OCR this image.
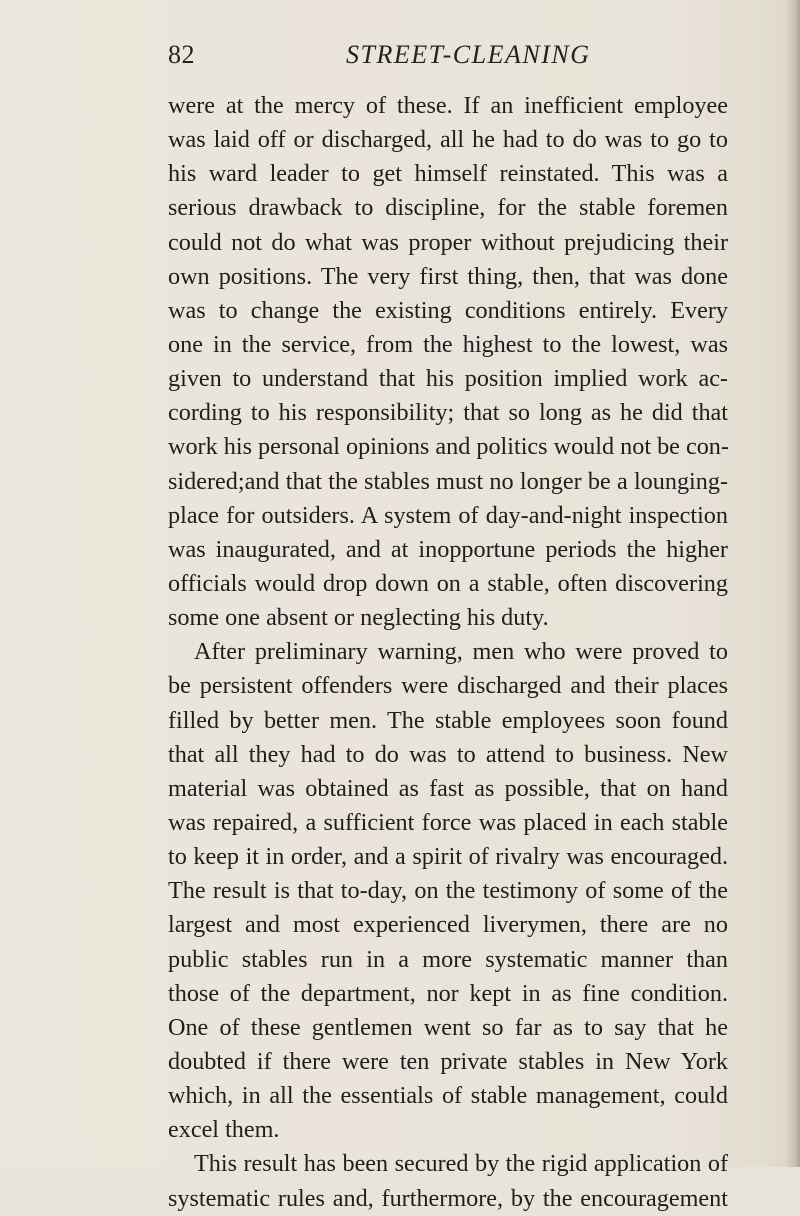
82	STREET-CLEANING
were at the mercy of these. If an inefficient employee
was laid off or discharged, all he had to do was to go to
his ward leader to get himself reinstated. This was a
serious drawback to discipline, for the stable foremen
could not do what was proper without prejudicing their
own positions. The very first thing, then, that was done
was to change the existing conditions entirely. Every
one in the service, from the highest to the lowest, was
given to understand that his position implied work ac-
cording to his responsibility; that so long as he did that
work his personal opinions and politics would not be con-
sidered;and that the stables must no longer be a lounging-
place for outsiders. A system of day-and-night inspection
was inaugurated, and at inopportune periods the higher
officials would drop down on a stable, often discovering
some one absent or neglecting his duty.
After preliminary warning, men who were proved to
be persistent offenders were discharged and their places
filled by better men. The stable employees soon found
that all they had to do was to attend to business. New
material was obtained as fast as possible, that on hand
was repaired, a sufficient force was placed in each stable
to keep it in order, and a spirit of rivalry was encouraged.
The result is that to-day, on the testimony of some of the
largest and most experienced liverymen, there are no
public stables run in a more systematic manner than
those of the department, nor kept in as fine condition.
One of these gentlemen went so far as to say that he
doubted if there were ten private stables in New York
which, in all the essentials of stable management, could
excel them.
This result has been secured by the rigid application of
systematic rules and, furthermore, by the encouragement
